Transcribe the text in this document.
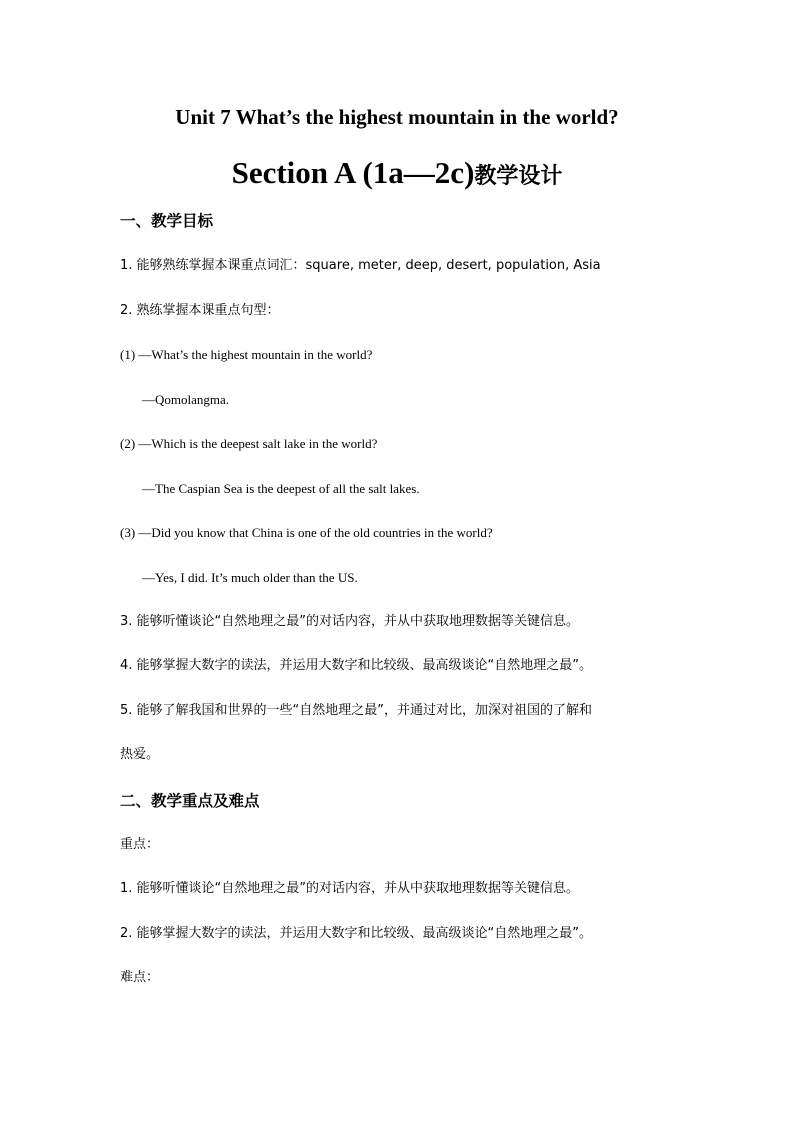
Unit 7 What’s the highest mountain in the world?
Section A (1a—2c)教学设计
一、教学目标
1. 能够熟练掌握本课重点词汇：square, meter, deep, desert, population, Asia
2. 熟练掌握本课重点句型：
(1) —What’s the highest mountain in the world?
—Qomolangma.
(2) —Which is the deepest salt lake in the world?
—The Caspian Sea is the deepest of all the salt lakes.
(3) —Did you know that China is one of the old countries in the world?
—Yes, I did. It’s much older than the US.
3. 能够听懂谈论“自然地理之最”的对话内容，并从中获取地理数据等关键信息。
4. 能够掌握大数字的读法，并运用大数字和比较级、最高级谈论“自然地理之最”。
5. 能够了解我国和世界的一些“自然地理之最”，并通过对比，加深对祖国的了解和
热爱。
二、教学重点及难点
重点：
1. 能够听懂谈论“自然地理之最”的对话内容，并从中获取地理数据等关键信息。
2. 能够掌握大数字的读法，并运用大数字和比较级、最高级谈论“自然地理之最”。
难点：
